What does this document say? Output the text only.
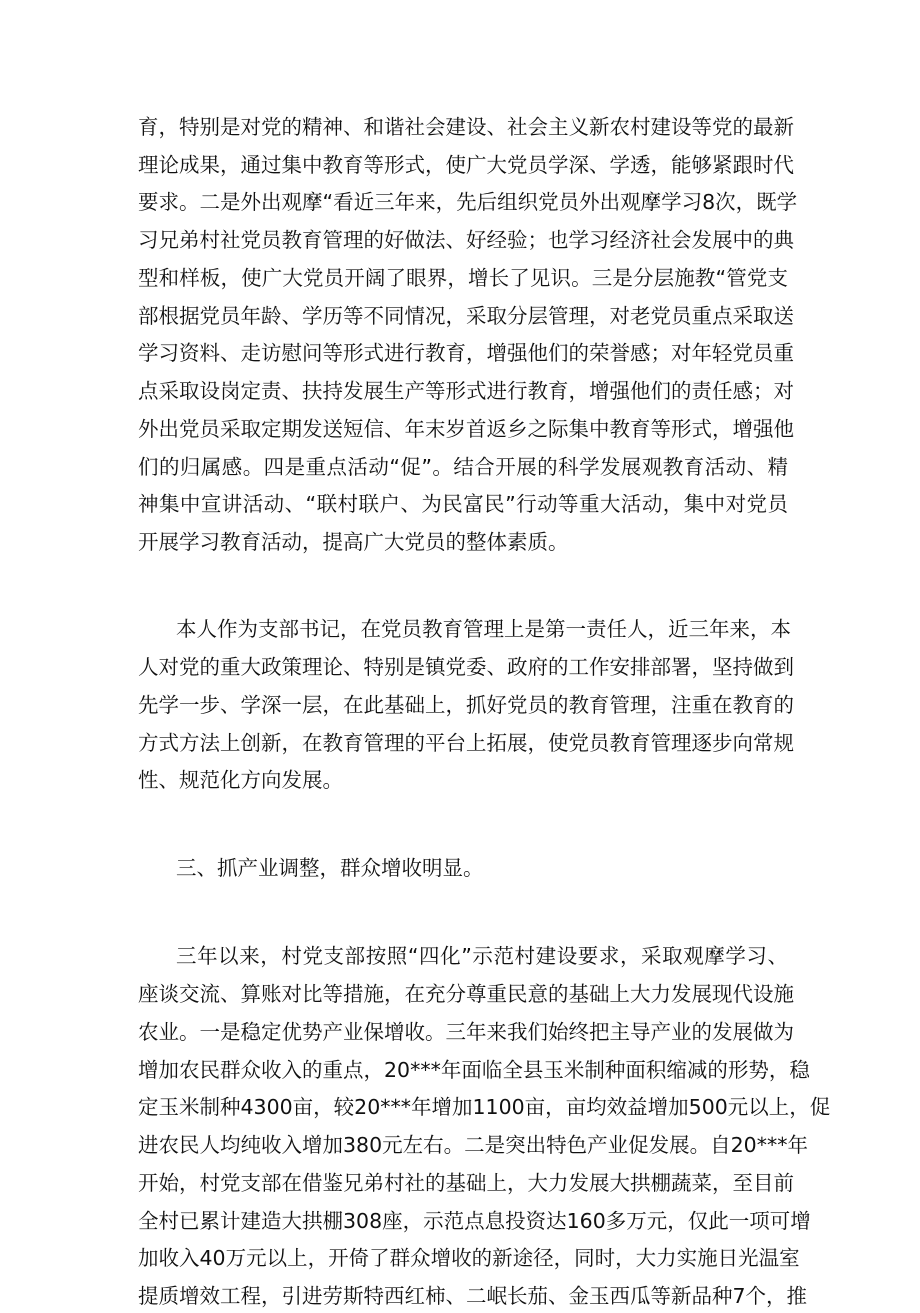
育，特别是对党的精神、和谐社会建设、社会主义新农村建设等党的最新
理论成果，通过集中教育等形式，使广大党员学深、学透，能够紧跟时代
要求。二是外出观摩“看近三年来，先后组织党员外出观摩学习8次，既学
习兄弟村社党员教育管理的好做法、好经验；也学习经济社会发展中的典
型和样板，使广大党员开阔了眼界，增长了见识。三是分层施教“管党支
部根据党员年龄、学历等不同情况，采取分层管理，对老党员重点采取送
学习资料、走访慰问等形式进行教育，增强他们的荣誉感；对年轻党员重
点采取设岗定责、扶持发展生产等形式进行教育，增强他们的责任感；对
外出党员采取定期发送短信、年末岁首返乡之际集中教育等形式，增强他
们的归属感。四是重点活动“促”。结合开展的科学发展观教育活动、精
神集中宣讲活动、“联村联户、为民富民”行动等重大活动，集中对党员
开展学习教育活动，提高广大党员的整体素质。
本人作为支部书记，在党员教育管理上是第一责任人，近三年来，本
人对党的重大政策理论、特别是镇党委、政府的工作安排部署，坚持做到
先学一步、学深一层，在此基础上，抓好党员的教育管理，注重在教育的
方式方法上创新，在教育管理的平台上拓展，使党员教育管理逐步向常规
性、规范化方向发展。
三、抓产业调整，群众增收明显。
三年以来，村党支部按照“四化”示范村建设要求，采取观摩学习、
座谈交流、算账对比等措施，在充分尊重民意的基础上大力发展现代设施
农业。一是稳定优势产业保增收。三年来我们始终把主导产业的发展做为
增加农民群众收入的重点，20***年面临全县玉米制种面积缩减的形势，稳
定玉米制种4300亩，较20***年增加1100亩，亩均效益增加500元以上，促
进农民人均纯收入增加380元左右。二是突出特色产业促发展。自20***年
开始，村党支部在借鉴兄弟村社的基础上，大力发展大拱棚蔬菜，至目前
全村已累计建造大拱棚308座，示范点息投资达160多万元，仅此一项可增
加收入40万元以上，开倚了群众增收的新途径，同时，大力实施日光温室
提质增效工程，引进劳斯特西红柿、二岷长茄、金玉西瓜等新品种7个，推
